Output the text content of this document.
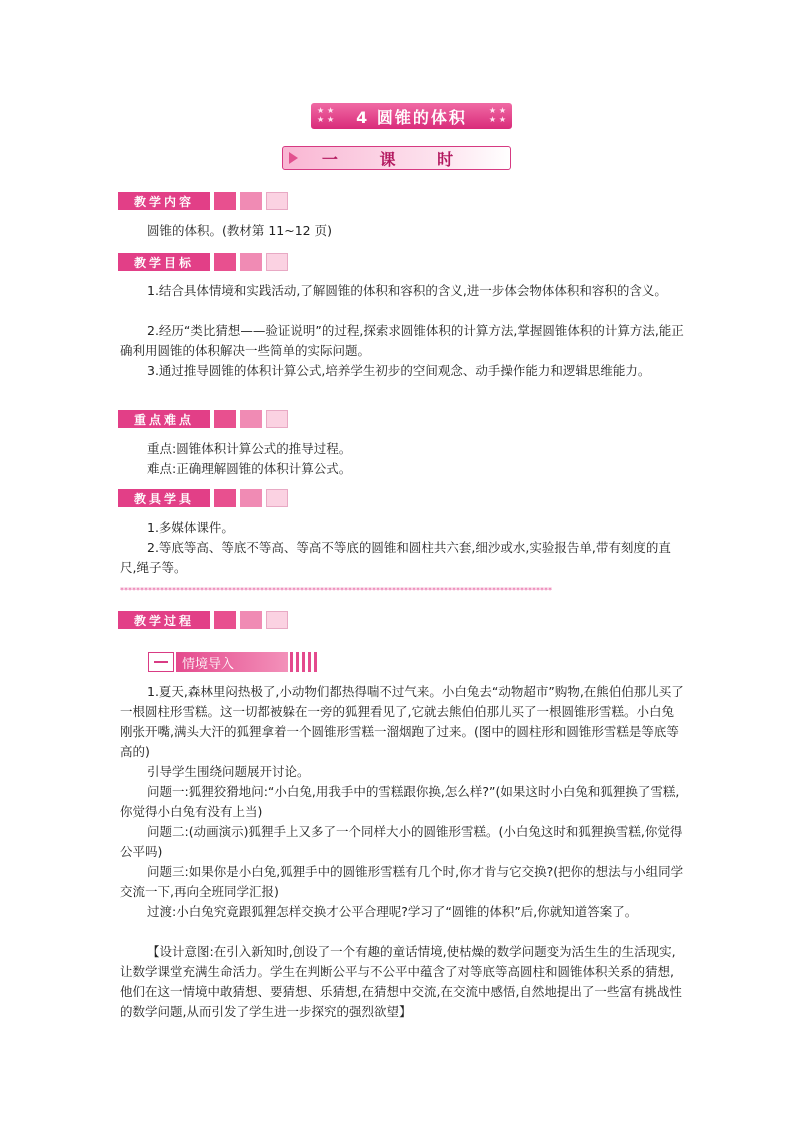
★ ★
★ ★ 4 圆锥的体积	★ ★
★ ★
一 课 时
教学内容

圆锥的体积。(教材第 11~12 页)

教学目标

1.结合具体情境和实践活动,了解圆锥的体积和容积的含义,进一步体会物体体积和容积的含义。

2.经历“类比猜想——验证说明”的过程,探索求圆锥体积的计算方法,掌握圆锥体积的计算方法,能正确利用圆锥的体积解决一些简单的实际问题。

3.通过推导圆锥的体积计算公式,培养学生初步的空间观念、动手操作能力和逻辑思维能力。

重点难点

重点:圆锥体积计算公式的推导过程。

难点:正确理解圆锥的体积计算公式。

教具学具

1.多媒体课件。

2.等底等高、等底不等高、等高不等底的圆锥和圆柱共六套,细沙或水,实验报告单,带有刻度的直尺,绳子等。

************************************************************************************************************
教学过程
情境导入

1.夏天,森林里闷热极了,小动物们都热得喘不过气来。小白兔去“动物超市”购物,在熊伯伯那儿买了一根圆柱形雪糕。这一切都被躲在一旁的狐狸看见了,它就去熊伯伯那儿买了一根圆锥形雪糕。小白兔刚张开嘴,满头大汗的狐狸拿着一个圆锥形雪糕一溜烟跑了过来。(图中的圆柱形和圆锥形雪糕是等底等高的)

引导学生围绕问题展开讨论。

问题一:狐狸狡猾地问:“小白兔,用我手中的雪糕跟你换,怎么样?”(如果这时小白兔和狐狸换了雪糕,你觉得小白兔有没有上当)

问题二:(动画演示)狐狸手上又多了一个同样大小的圆锥形雪糕。(小白兔这时和狐狸换雪糕,你觉得公平吗)

问题三:如果你是小白兔,狐狸手中的圆锥形雪糕有几个时,你才肯与它交换?(把你的想法与小组同学交流一下,再向全班同学汇报)

过渡:小白兔究竟跟狐狸怎样交换才公平合理呢?学习了“圆锥的体积”后,你就知道答案了。

【设计意图:在引入新知时,创设了一个有趣的童话情境,使枯燥的数学问题变为活生生的生活现实,让数学课堂充满生命活力。学生在判断公平与不公平中蕴含了对等底等高圆柱和圆锥体积关系的猜想,他们在这一情境中敢猜想、要猜想、乐猜想,在猜想中交流,在交流中感悟,自然地提出了一些富有挑战性的数学问题,从而引发了学生进一步探究的强烈欲望】
